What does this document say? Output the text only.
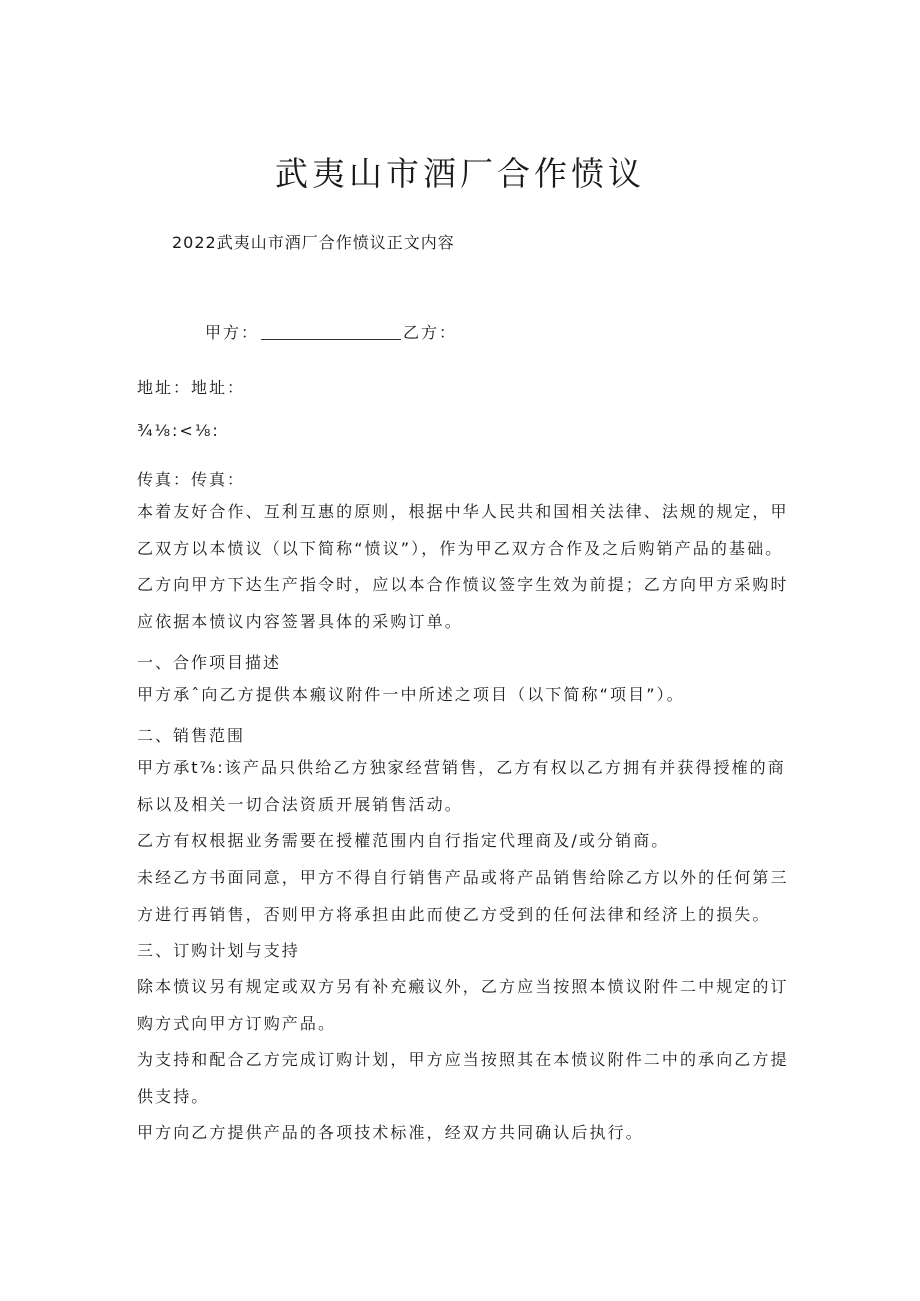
武夷山市酒厂合作愤议
2022武夷山市酒厂合作愤议正文内容
甲方：	乙方：
地址：地址：
¾⅛:<⅛:
传真：传真：
本着友好合作、互利互惠的原则，根据中华人民共和国相关法律、法规的规定，甲乙双方以本愤议（以下简称“愤议”），作为甲乙双方合作及之后购销产品的基础。乙方向甲方下达生产指令时，应以本合作愤议签字生效为前提；乙方向甲方采购时应依据本愤议内容签署具体的采购订单。
一、合作项目描述
甲方承ˆ向乙方提供本瘢议附件一中所述之项目（以下简称“项目”）。
二、销售范围
甲方承t⅞:该产品只供给乙方独家经营销售，乙方有权以乙方拥有并获得授榷的商标以及相关一切合法资质开展销售活动。
乙方有权根据业务需要在授權范围内自行指定代理商及/或分销商。
未经乙方书面同意，甲方不得自行销售产品或将产品销售给除乙方以外的任何第三方进行再销售，否则甲方将承担由此而使乙方受到的任何法律和经济上的损失。三、订购计划与支持
除本愤议另有规定或双方另有补充瘢议外，乙方应当按照本愤议附件二中规定的订购方式向甲方订购产品。
为支持和配合乙方完成订购计划，甲方应当按照其在本愤议附件二中的承向乙方提供支持。
甲方向乙方提供产品的各项技术标准，经双方共同确认后执行。
